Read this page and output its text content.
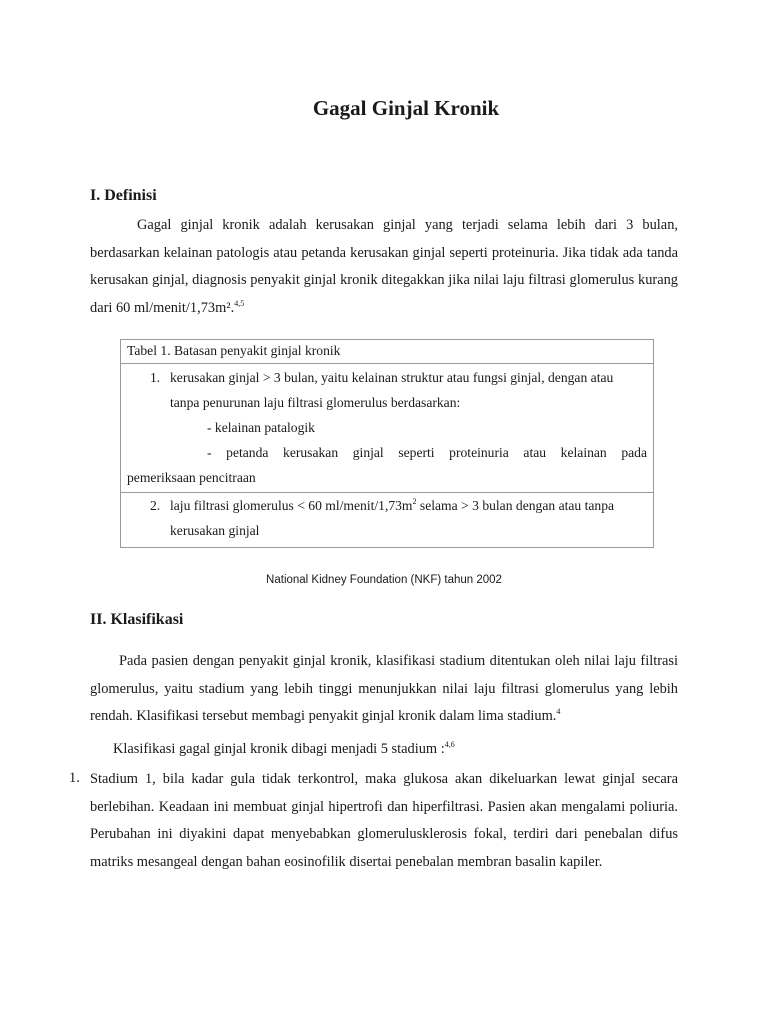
Gagal Ginjal Kronik
I. Definisi
Gagal ginjal kronik adalah kerusakan ginjal yang terjadi selama lebih dari 3 bulan, berdasarkan kelainan patologis atau petanda kerusakan ginjal seperti proteinuria. Jika tidak ada tanda kerusakan ginjal, diagnosis penyakit ginjal kronik ditegakkan jika nilai laju filtrasi glomerulus kurang dari 60 ml/menit/1,73m².$^{4,5}$
Tabel 1. Batasan penyakit ginjal kronik
1. kerusakan ginjal > 3 bulan, yaitu kelainan struktur atau fungsi ginjal, dengan atau
tanpa penurunan laju filtrasi glomerulus berdasarkan:
- kelainan patalogik
- petanda kerusakan ginjal seperti proteinuria atau kelainan pada
pemeriksaan pencitraan
2. laju filtrasi glomerulus < 60 $ml/menit/1,73m^2$ selama > 3 bulan dengan atau tanpa
kerusakan ginjal
National Kidney Foundation (NKF) tahun 2002
II. Klasifikasi
Pada pasien dengan penyakit ginjal kronik, klasifikasi stadium ditentukan oleh nilai laju filtrasi glomerulus, yaitu stadium yang lebih tinggi menunjukkan nilai laju filtrasi glomerulus yang lebih rendah. Klasifikasi tersebut membagi penyakit ginjal kronik dalam lima stadium.$^4$
Klasifikasi gagal ginjal kronik dibagi menjadi 5 stadium :$^{4,6}$
1. Stadium 1, bila kadar gula tidak terkontrol, maka glukosa akan dikeluarkan lewat ginjal secara berlebihan. Keadaan ini membuat ginjal hipertrofi dan hiperfiltrasi. Pasien akan mengalami poliuria. Perubahan ini diyakini dapat menyebabkan glomerulusklerosis fokal, terdiri dari penebalan difus matriks mesangeal dengan bahan eosinofilik disertai penebalan membran basalin kapiler.
